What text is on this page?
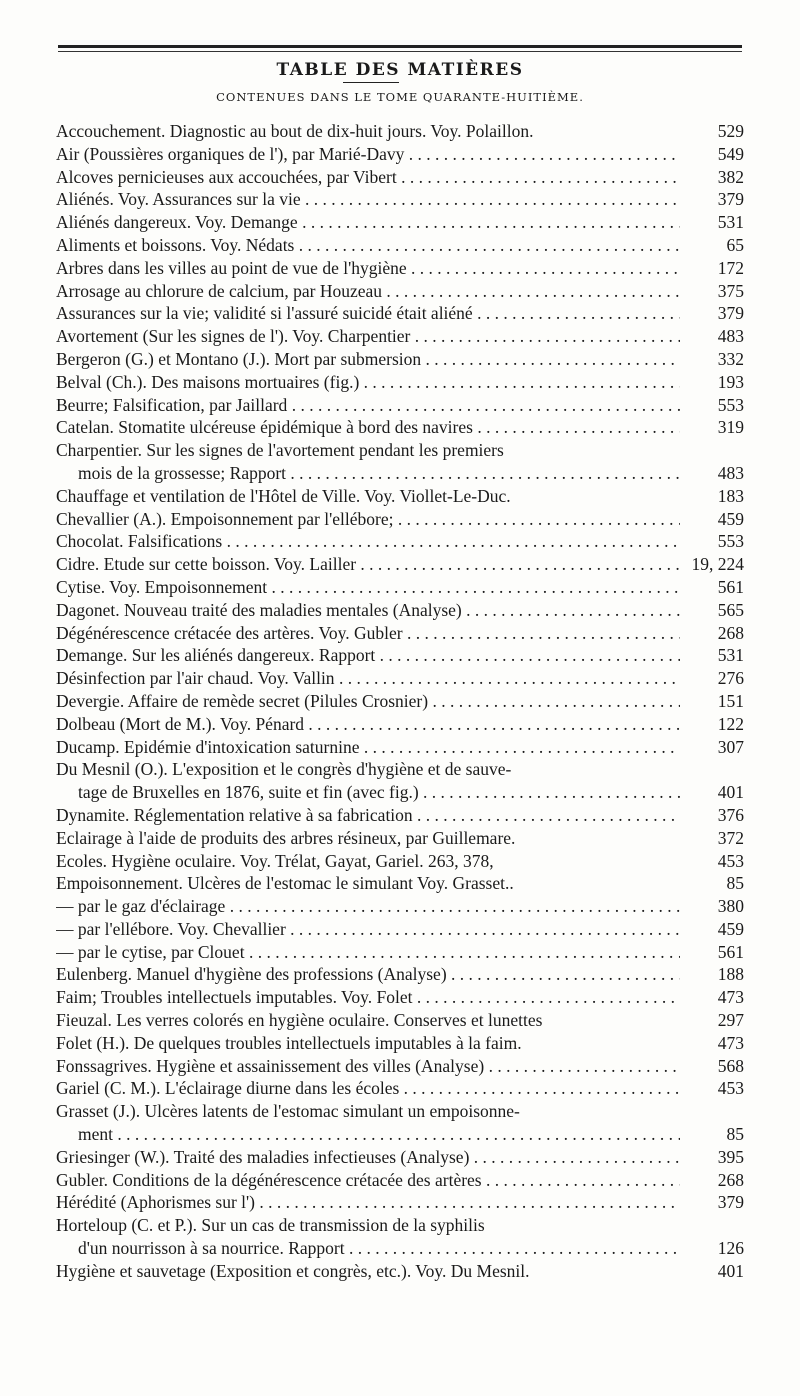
TABLE DES MATIÈRES
CONTENUES DANS LE TOME QUARANTE-HUITIÈME.
Accouchement. Diagnostic au bout de dix-huit jours. Voy. Polaillon.	529
Air (Poussières organiques de l'), par Marié-Davy . . .	549
Alcoves pernicieuses aux accouchées, par Vibert . . .	382
Aliénés. Voy. Assurances sur la vie . . .	379
Aliénés dangereux. Voy. Demange . . .	531
Aliments et boissons. Voy. Nédats . . .	65
Arbres dans les villes au point de vue de l'hygiène . . .	172
Arrosage au chlorure de calcium, par Houzeau . . .	375
Assurances sur la vie; validité si l'assuré suicidé était aliéné . . .	379
Avortement (Sur les signes de l'). Voy. Charpentier . . .	483
Bergeron (G.) et Montano (J.). Mort par submersion . . .	332
Belval (Ch.). Des maisons mortuaires (fig.) . . .	193
Beurre; Falsification, par Jaillard . . .	553
Catelan. Stomatite ulcéreuse épidémique à bord des navires . . .	319
Charpentier. Sur les signes de l'avortement pendant les premiers
mois de la grossesse; Rapport . . .	483
Chauffage et ventilation de l'Hôtel de Ville. Voy. Viollet-Le-Duc.	183
Chevallier (A.). Empoisonnement par l'ellébore; . . .	459
Chocolat. Falsifications . . .	553
Cidre. Etude sur cette boisson. Voy. Lailler . . .	19, 224
Cytise. Voy. Empoisonnement . . .	561
Dagonet. Nouveau traité des maladies mentales (Analyse) . . .	565
Dégénérescence crétacée des artères. Voy. Gubler . . .	268
Demange. Sur les aliénés dangereux. Rapport . . .	531
Désinfection par l'air chaud. Voy. Vallin . . .	276
Devergie. Affaire de remède secret (Pilules Crosnier) . . .	151
Dolbeau (Mort de M.). Voy. Pénard . . .	122
Ducamp. Epidémie d'intoxication saturnine . . .	307
Du Mesnil (O.). L'exposition et le congrès d'hygiène et de sauve-
tage de Bruxelles en 1876, suite et fin (avec fig.) . . .	401
Dynamite. Réglementation relative à sa fabrication . . .	376
Eclairage à l'aide de produits des arbres résineux, par Guillemare.	372
Ecoles. Hygiène oculaire. Voy. Trélat, Gayat, Gariel. 263, 378,	453
Empoisonnement. Ulcères de l'estomac le simulant Voy. Grasset..	85
— par le gaz d'éclairage . . .	380
— par l'ellébore. Voy. Chevallier . . .	459
— par le cytise, par Clouet . . .	561
Eulenberg. Manuel d'hygiène des professions (Analyse) . . .	188
Faim; Troubles intellectuels imputables. Voy. Folet . . .	473
Fieuzal. Les verres colorés en hygiène oculaire. Conserves et lunettes	297
Folet (H.). De quelques troubles intellectuels imputables à la faim.	473
Fonssagrives. Hygiène et assainissement des villes (Analyse) . . .	568
Gariel (C. M.). L'éclairage diurne dans les écoles . . .	453
Grasset (J.). Ulcères latents de l'estomac simulant un empoisonne-
ment . . .	85
Griesinger (W.). Traité des maladies infectieuses (Analyse) . . .	395
Gubler. Conditions de la dégénérescence crétacée des artères . . .	268
Hérédité (Aphorismes sur l') . . .	379
Horteloup (C. et P.). Sur un cas de transmission de la syphilis
d'un nourrisson à sa nourrice. Rapport . . .	126
Hygiène et sauvetage (Exposition et congrès, etc.). Voy. Du Mesnil.	401
